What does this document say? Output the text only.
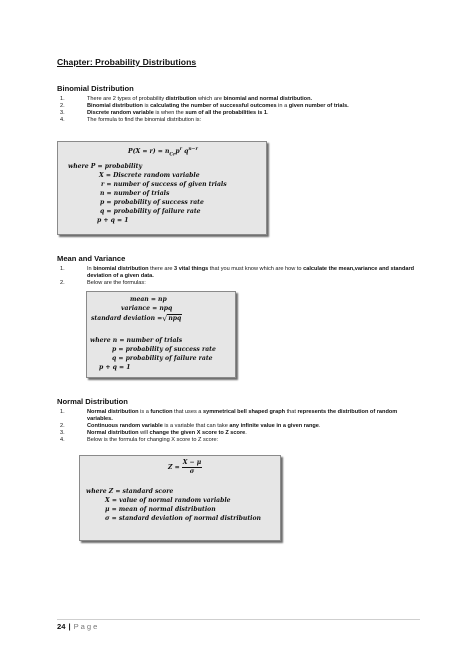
Chapter: Probability Distributions
Binomial Distribution
1.	There are 2 types of probability distribution which are binomial and normal distribution.
2.	Binomial distribution is calculating the number of successful outcomes in a given number of trials.
3.	Discrete random variable is when the sum of all the probabilities is 1.
4.	The formula to find the binomial distribution is:
$P(X = r) = n_{Cr}p^r$ $q^{n-r}$
where P = probability
X = Discrete random variable
r = number of success of given trials
n = number of trials
p = probability of success rate
q = probability of failure rate
p + q = 1
Mean and Variance
1.	In binomial distribution there are 3 vital things that you must know which are how to calculate the mean,variance and standard deviation of a given data.
2.	Below are the formulas:
mean = np
variance = npq
standard deviation = √ npq
where n = number of trials
p = probability of success rate
q = probability of failure rate
p + q = 1
Normal Distribution
1.	Normal distribution is a function that uses a symmetrical bell shaped graph that represents the distribution of random variables.
2.	Continuous random variable is a variable that can take any infinite value in a given range.
3.	Normal distribution will change the given X score to Z score.
4.	Below is the formula for changing X score to Z score:
$Z = \frac{X - \mu}{\sigma}$
where Z = standard score
X = value of normal random variable
μ = mean of normal distribution
σ = standard deviation of normal distribution
24 | Page
